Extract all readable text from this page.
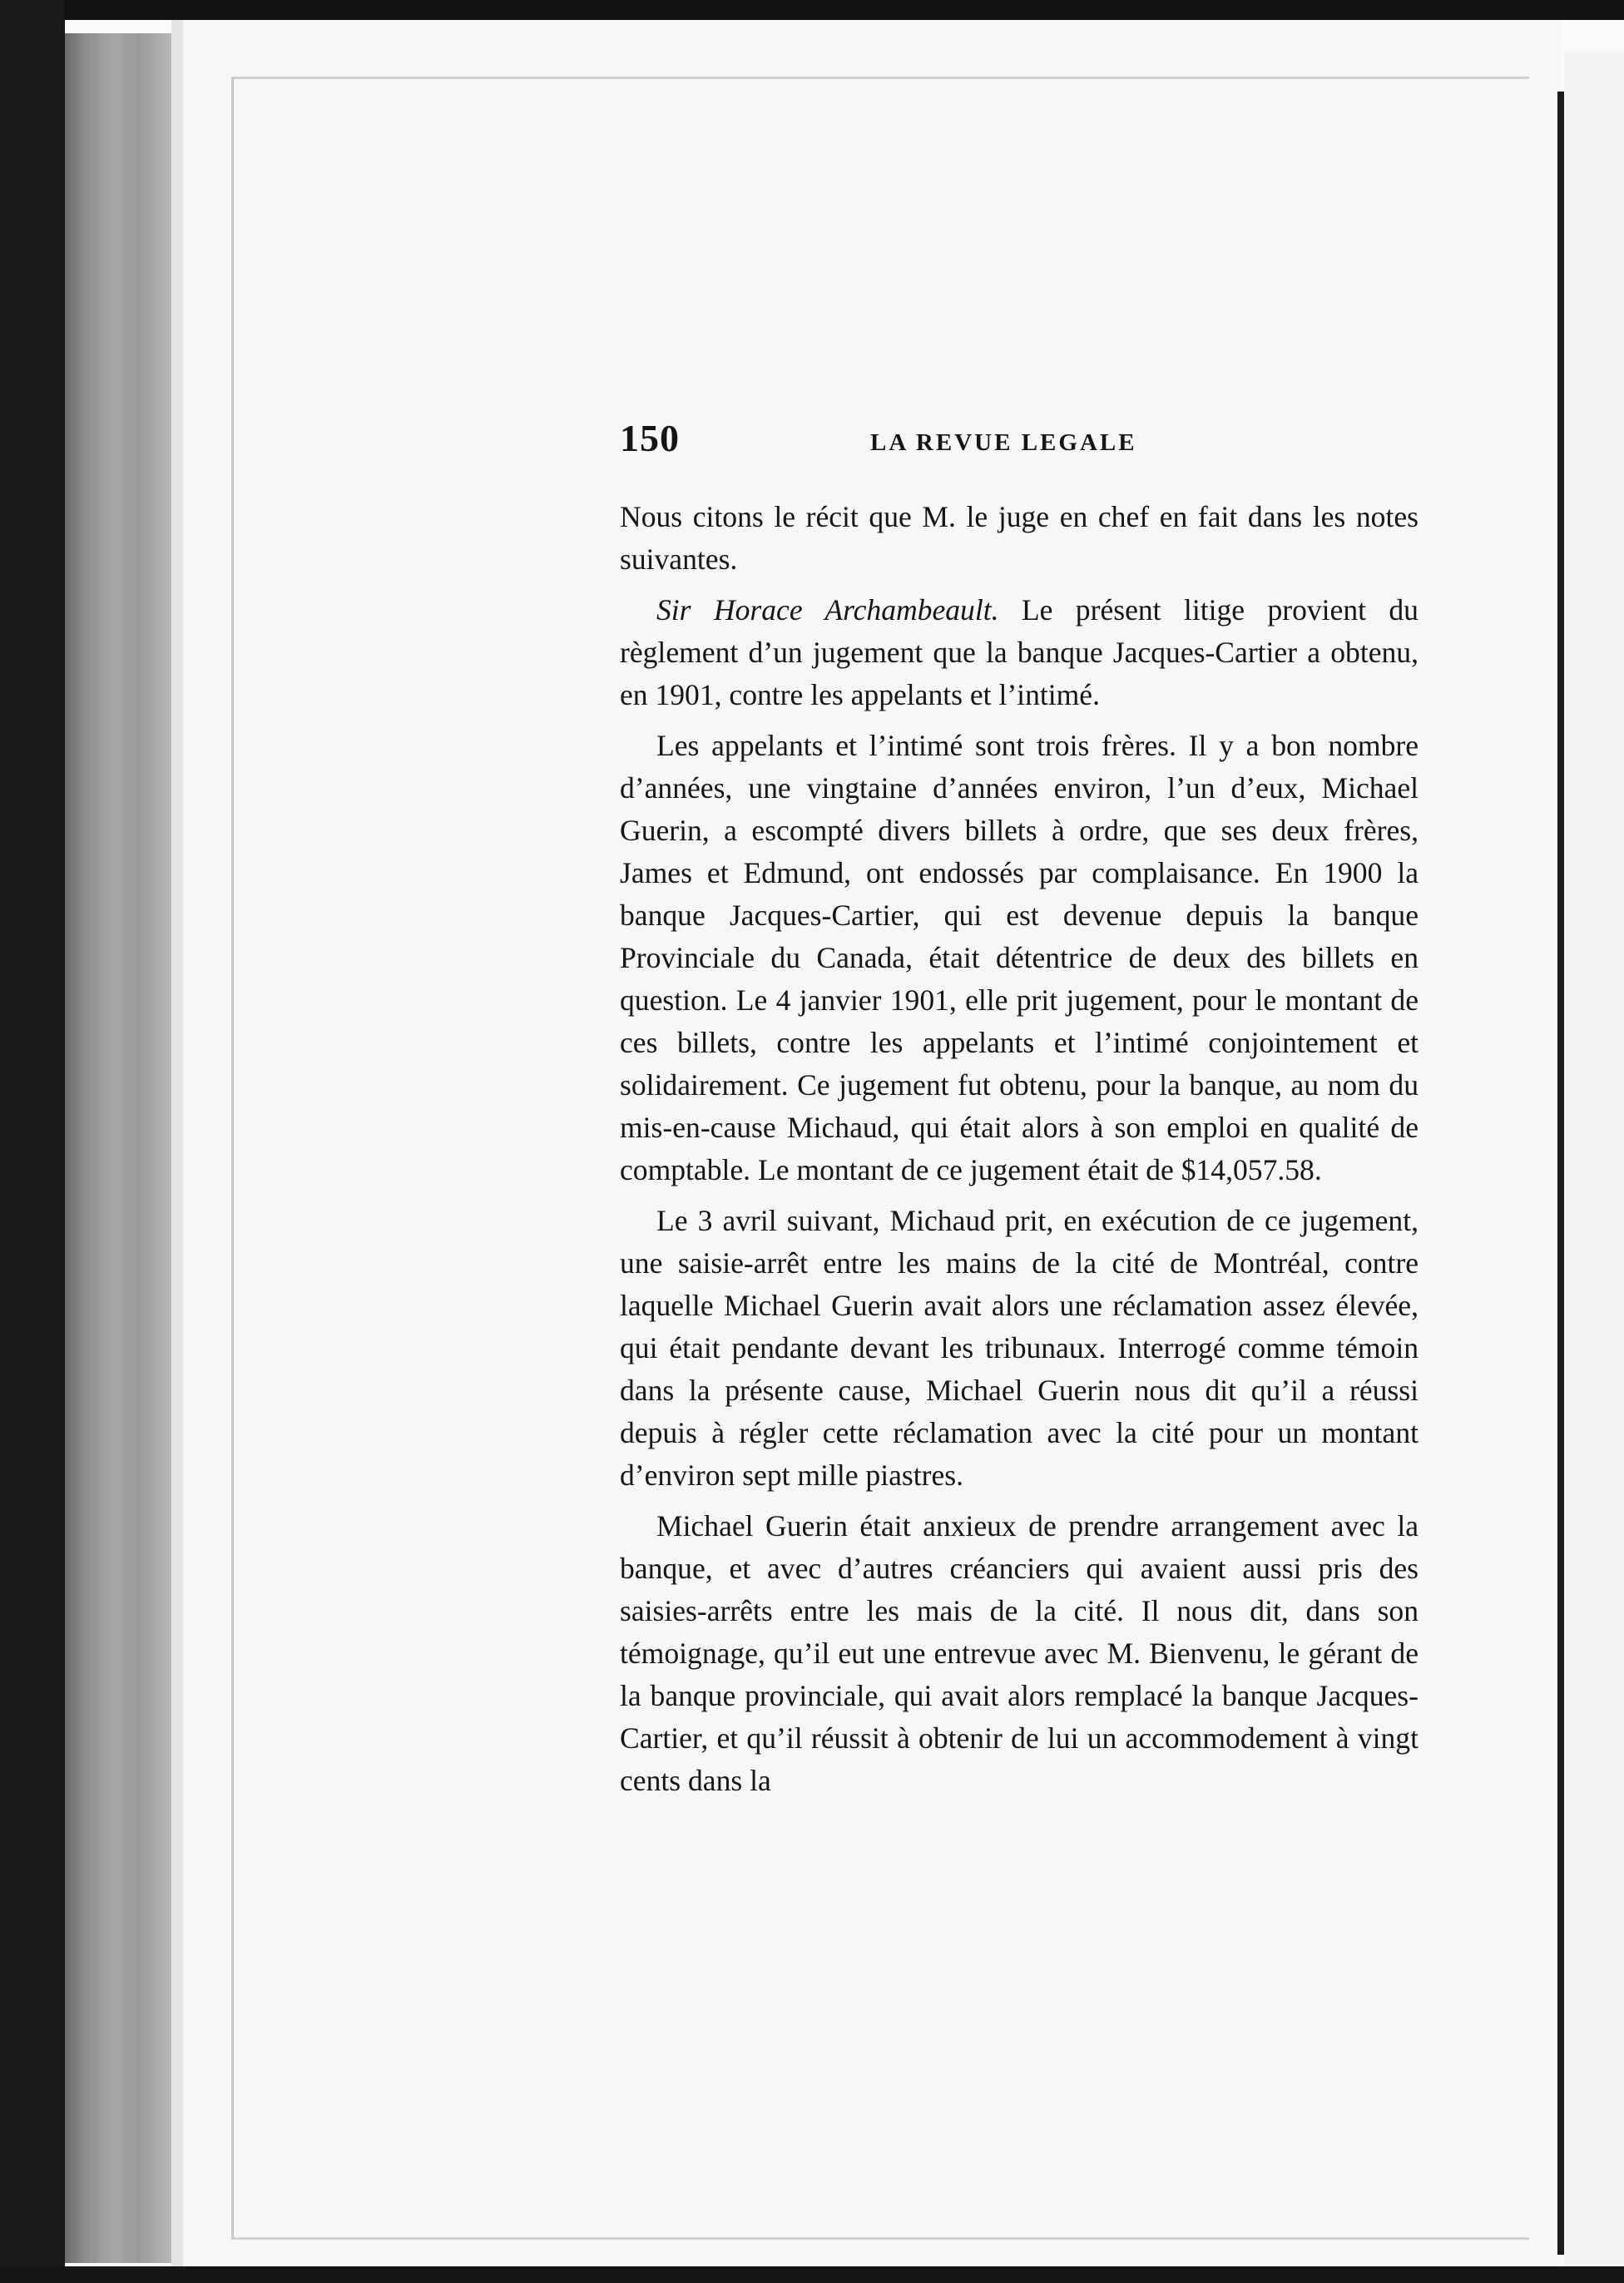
150	LA REVUE LEGALE

Nous citons le récit que M. le juge en chef en fait dans les notes suivantes.

Sir Horace Archambeault. Le présent litige provient du règlement d’un jugement que la banque Jacques-Cartier a obtenu, en 1901, contre les appelants et l’intimé.

Les appelants et l’intimé sont trois frères. Il y a bon nombre d’années, une vingtaine d’années environ, l’un d’eux, Michael Guerin, a escompté divers billets à ordre, que ses deux frères, James et Edmund, ont endossés par complaisance. En 1900 la banque Jacques-Cartier, qui est devenue depuis la banque Provinciale du Canada, était détentrice de deux des billets en question. Le 4 janvier 1901, elle prit jugement, pour le montant de ces billets, contre les appelants et l’intimé conjointement et solidairement. Ce jugement fut obtenu, pour la banque, au nom du mis-en-cause Michaud, qui était alors à son emploi en qualité de comptable. Le montant de ce jugement était de $14,057.58.

Le 3 avril suivant, Michaud prit, en exécution de ce jugement, une saisie-arrêt entre les mains de la cité de Montréal, contre laquelle Michael Guerin avait alors une réclamation assez élevée, qui était pendante devant les tribunaux. Interrogé comme témoin dans la présente cause, Michael Guerin nous dit qu’il a réussi depuis à régler cette réclamation avec la cité pour un montant d’environ sept mille piastres.

Michael Guerin était anxieux de prendre arrangement avec la banque, et avec d’autres créanciers qui avaient aussi pris des saisies-arrêts entre les mais de la cité. Il nous dit, dans son témoignage, qu’il eut une entrevue avec M. Bienvenu, le gérant de la banque provinciale, qui avait alors remplacé la banque Jacques-Cartier, et qu’il réussit à obtenir de lui un accommodement à vingt cents dans la
